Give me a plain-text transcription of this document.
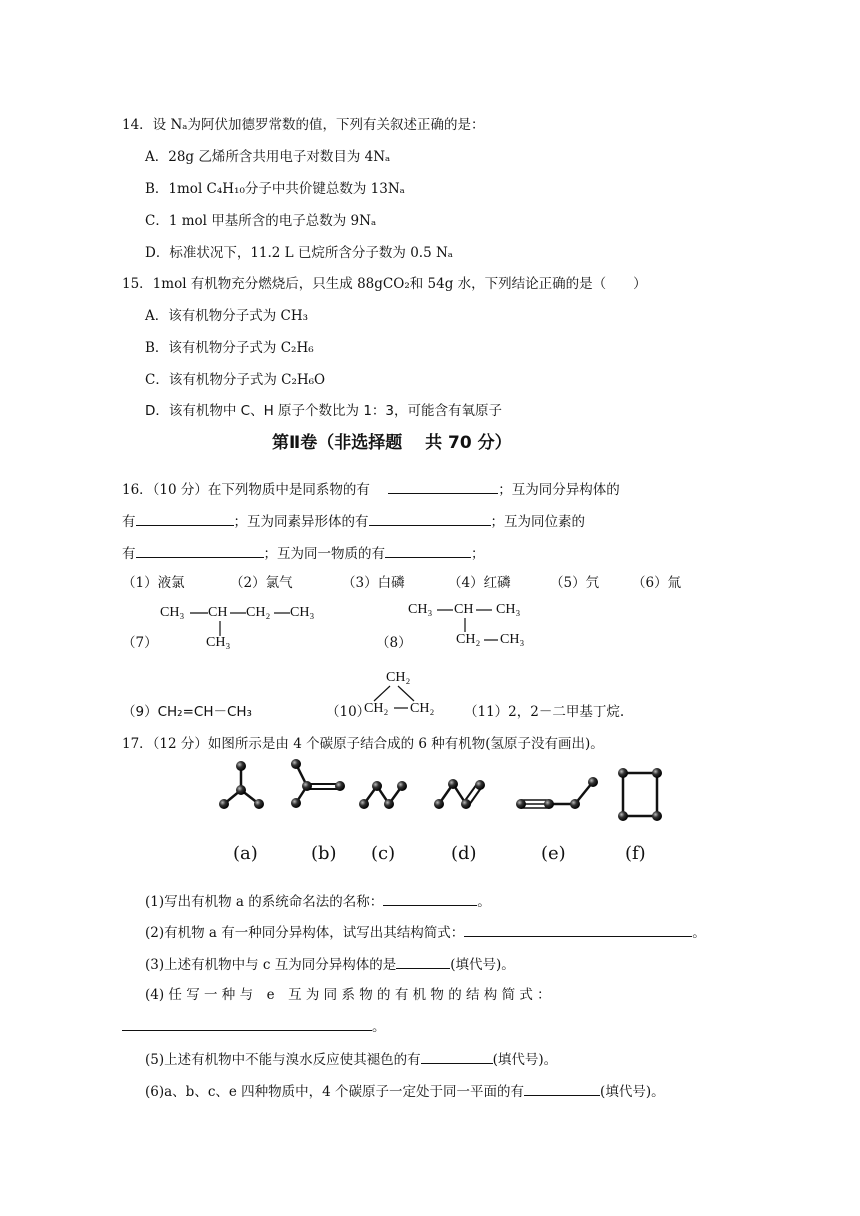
14．设 Nₐ为阿伏加德罗常数的值，下列有关叙述正确的是：
A．28g 乙烯所含共用电子对数目为 4Nₐ
B．1mol C₄H₁₀分子中共价键总数为 13Nₐ
C．1 mol 甲基所含的电子总数为 9Nₐ
D．标准状况下，11.2 L 已烷所含分子数为 0.5 Nₐ
15．1mol 有机物充分燃烧后，只生成 88gCO₂和 54g 水，下列结论正确的是（　　）
A．该有机物分子式为 CH₃
B．该有机物分子式为 C₂H₆
C．该有机物分子式为 C₂H₆O
D．该有机物中 C、H 原子个数比为 1：3，可能含有氧原子
第Ⅱ卷（非选择题　 共 70 分）
16．（10 分）在下列物质中是同系物的有	；互为同分异构体的
有	；互为同素异形体的有	；互为同位素的
有	；互为同一物质的有	；
（1）液氯	（2）氯气	（3）白磷	（4）红磷	（5）氕 （6）氚
（7）
CH₃ CH CH₂ CH₃
CH₃	（8）
CH₃ CH CH₃
CH₂ CH₃
（9）CH₂=CH－CH₃	（10）
CH₂
CH₂ CH₂ （11）2，2－二甲基丁烷.
17．（12 分）如图所示是由 4 个碳原子结合成的 6 种有机物(氢原子没有画出)。
(a)	(b) (c)	(d)	(e)	(f)
(1)写出有机物 a 的系统命名法的名称：	。
(2)有机物 a 有一种同分异构体，试写出其结构简式：	。
(3)上述有机物中与 c 互为同分异构体的是	(填代号)。
(4) 任 写 一 种 与　e　互 为 同 系 物 的 有 机 物 的 结 构 简 式 ：
。
(5)上述有机物中不能与溴水反应使其褪色的有	(填代号)。
(6)a、b、c、e 四种物质中，4 个碳原子一定处于同一平面的有	(填代号)。
